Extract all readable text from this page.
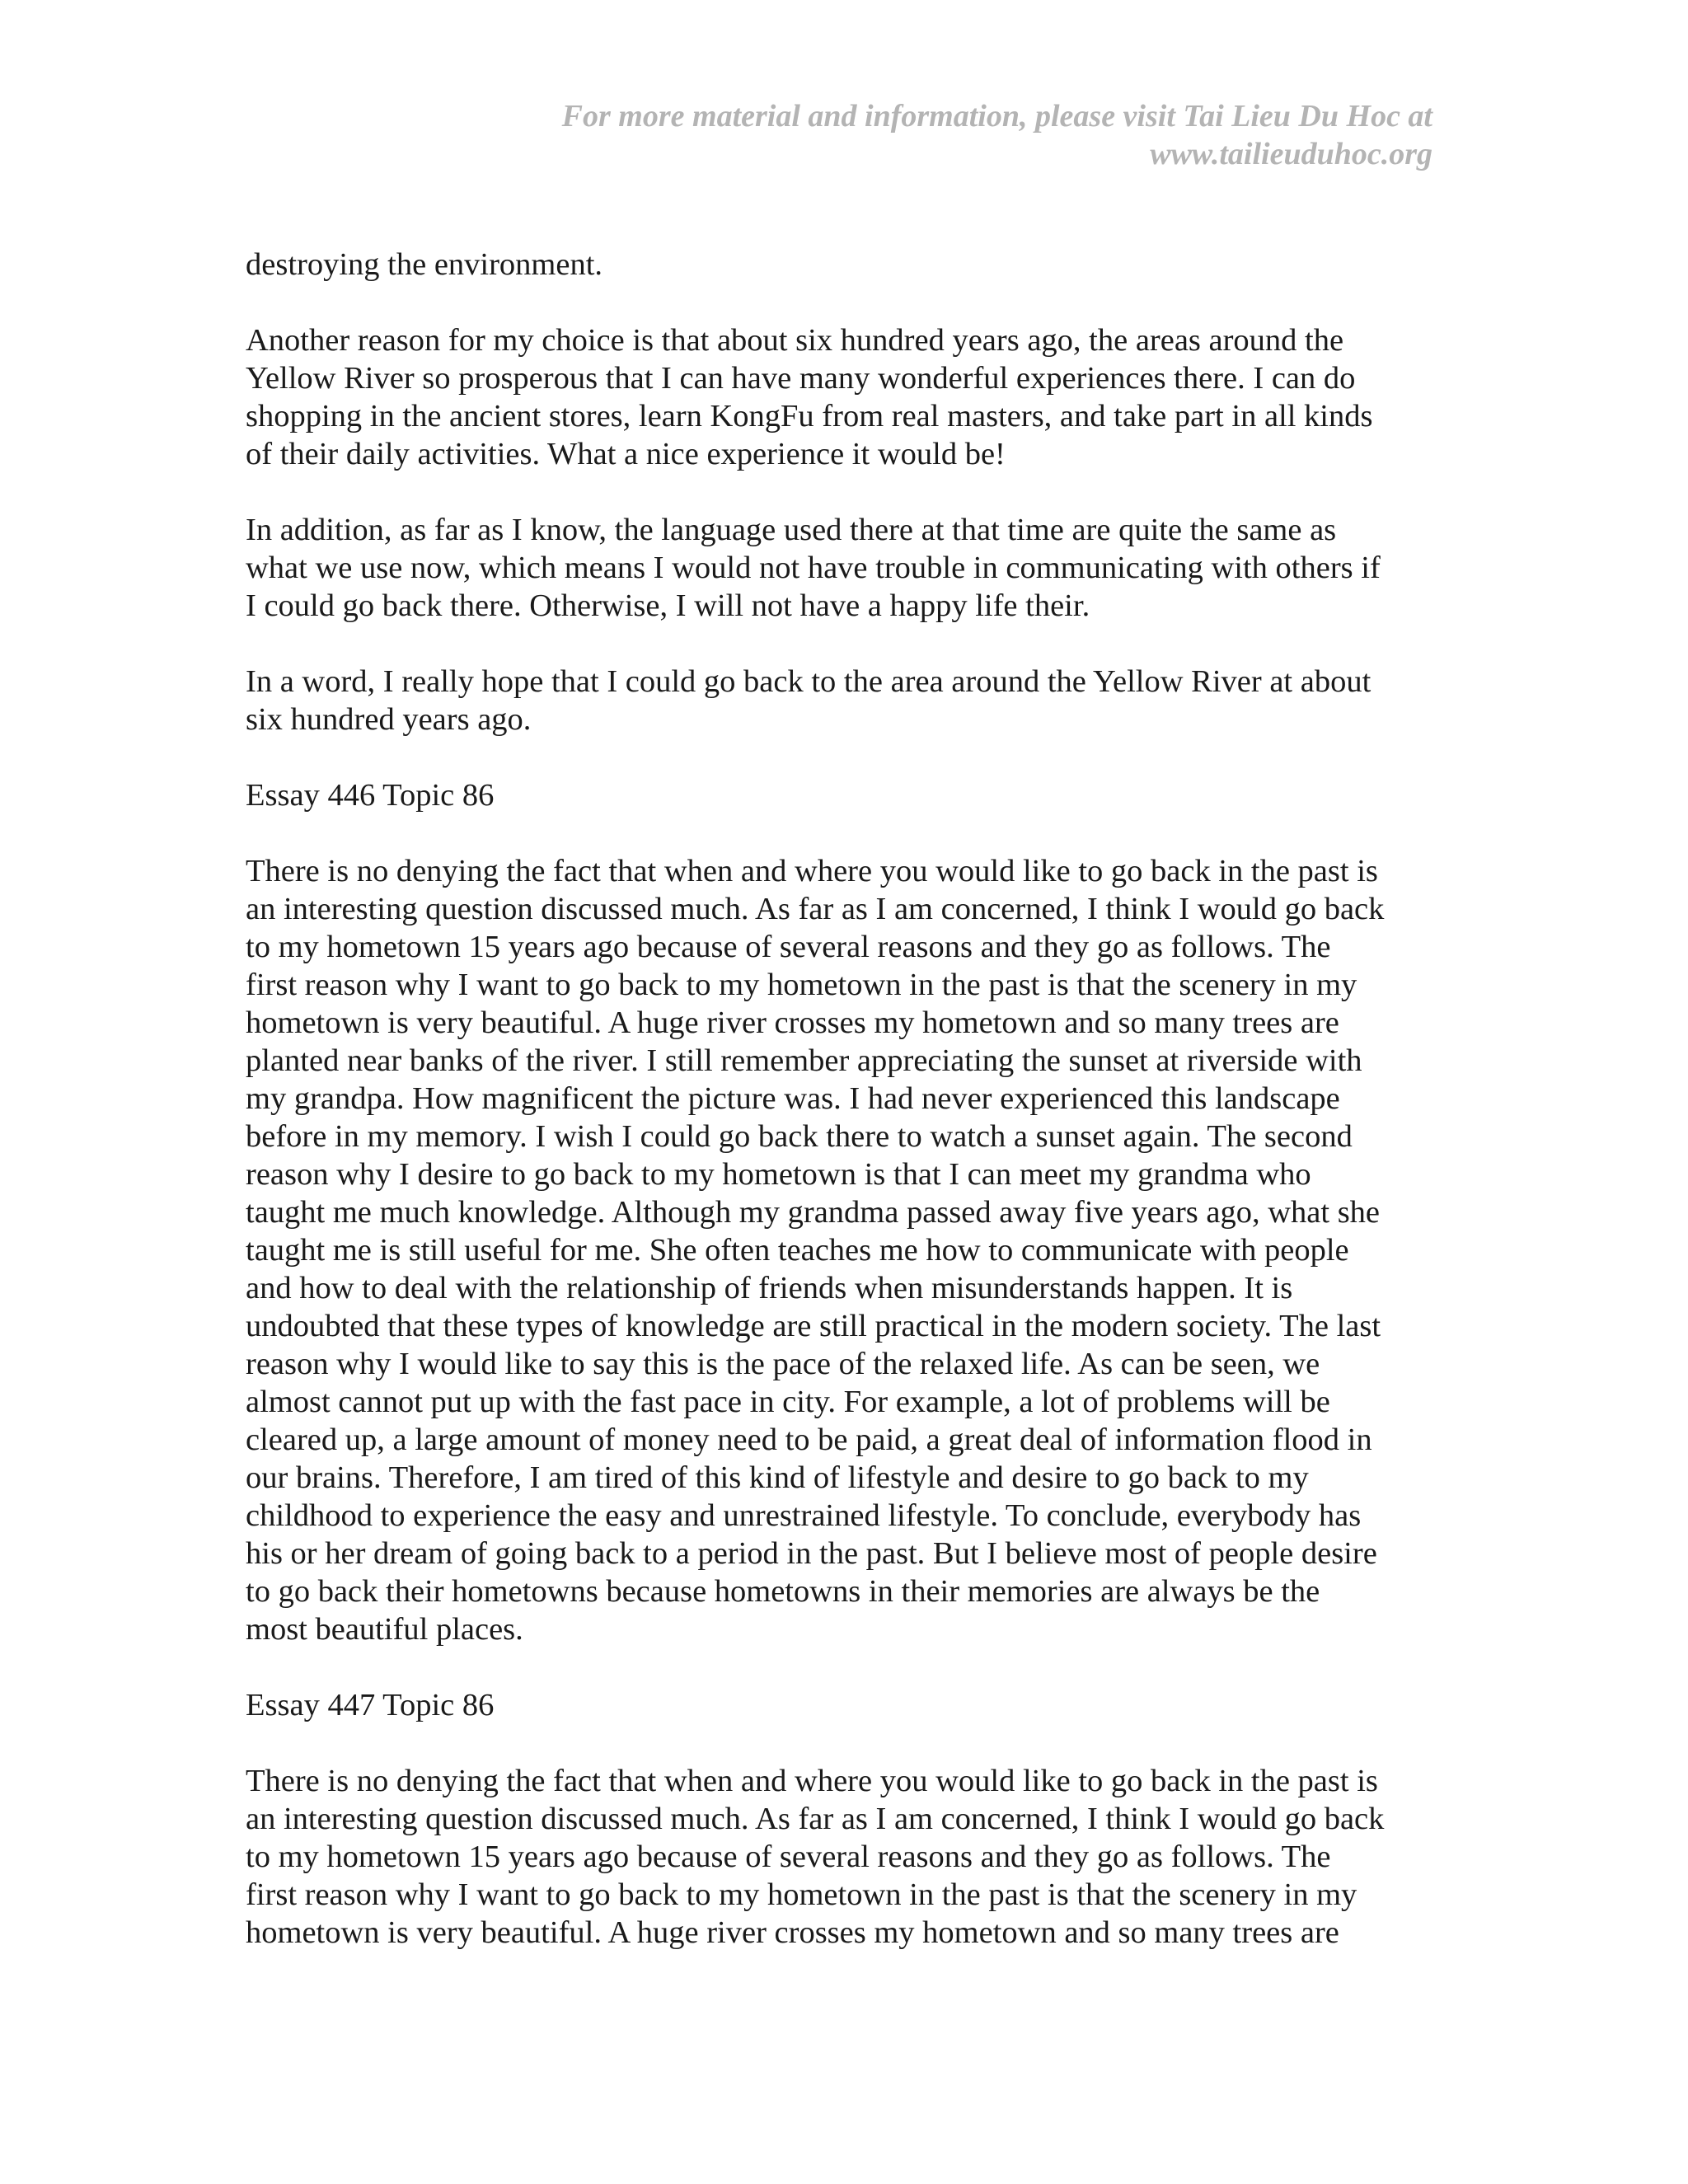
For more material and information, please visit Tai Lieu Du Hoc at
www.tailieuduhoc.org

destroying the environment.

Another reason for my choice is that about six hundred years ago, the areas around the
Yellow River so prosperous that I can have many wonderful experiences there. I can do
shopping in the ancient stores, learn KongFu from real masters, and take part in all kinds
of their daily activities. What a nice experience it would be!

In addition, as far as I know, the language used there at that time are quite the same as
what we use now, which means I would not have trouble in communicating with others if
I could go back there. Otherwise, I will not have a happy life their.

In a word, I really hope that I could go back to the area around the Yellow River at about
six hundred years ago.

Essay 446 Topic 86

There is no denying the fact that when and where you would like to go back in the past is
an interesting question discussed much. As far as I am concerned, I think I would go back
to my hometown 15 years ago because of several reasons and they go as follows. The
first reason why I want to go back to my hometown in the past is that the scenery in my
hometown is very beautiful. A huge river crosses my hometown and so many trees are
planted near banks of the river. I still remember appreciating the sunset at riverside with
my grandpa. How magnificent the picture was. I had never experienced this landscape
before in my memory. I wish I could go back there to watch a sunset again. The second
reason why I desire to go back to my hometown is that I can meet my grandma who
taught me much knowledge. Although my grandma passed away five years ago, what she
taught me is still useful for me. She often teaches me how to communicate with people
and how to deal with the relationship of friends when misunderstands happen. It is
undoubted that these types of knowledge are still practical in the modern society. The last
reason why I would like to say this is the pace of the relaxed life. As can be seen, we
almost cannot put up with the fast pace in city. For example, a lot of problems will be
cleared up, a large amount of money need to be paid, a great deal of information flood in
our brains. Therefore, I am tired of this kind of lifestyle and desire to go back to my
childhood to experience the easy and unrestrained lifestyle. To conclude, everybody has
his or her dream of going back to a period in the past. But I believe most of people desire
to go back their hometowns because hometowns in their memories are always be the
most beautiful places.

Essay 447 Topic 86

There is no denying the fact that when and where you would like to go back in the past is
an interesting question discussed much. As far as I am concerned, I think I would go back
to my hometown 15 years ago because of several reasons and they go as follows. The
first reason why I want to go back to my hometown in the past is that the scenery in my
hometown is very beautiful. A huge river crosses my hometown and so many trees are
